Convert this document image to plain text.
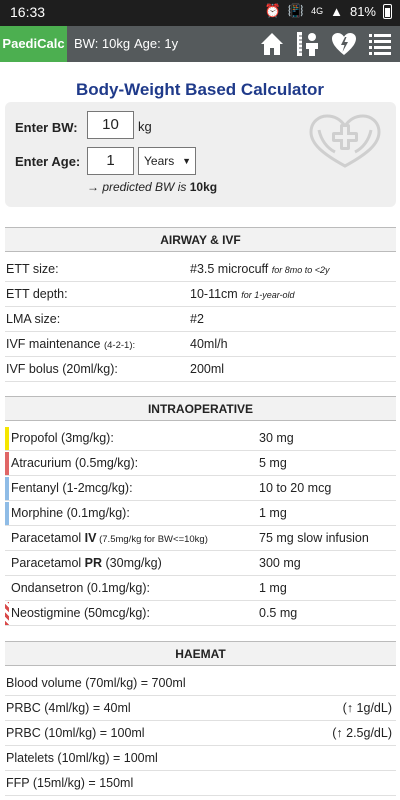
16:33	⏰ 📳 4G ▲ 81%
PaediCalc BW: 10kg Age: 1y
Body-Weight Based Calculator
Enter BW:	10	kg
Enter Age:	1	Years ▼
→ predicted BW is 10kg
AIRWAY & IVF
ETT size:	#3.5 microcuff for 8mo to <2y
ETT depth:	10-11cm for 1-year-old
LMA size:	#2
IVF maintenance (4-2-1):	40ml/h
IVF bolus (20ml/kg):	200ml
INTRAOPERATIVE
Propofol (3mg/kg):	30 mg
Atracurium (0.5mg/kg):	5 mg
Fentanyl (1-2mcg/kg):	10 to 20 mcg
Morphine (0.1mg/kg):	1 mg
Paracetamol IV (7.5mg/kg for BW<=10kg)	75 mg slow infusion
Paracetamol PR (30mg/kg)	300 mg
Ondansetron (0.1mg/kg):	1 mg
Neostigmine (50mcg/kg):	0.5 mg
HAEMAT
Blood volume (70ml/kg) = 700ml
PRBC (4ml/kg) = 40ml	(↑ 1g/dL)
PRBC (10ml/kg) = 100ml	(↑ 2.5g/dL)
Platelets (10ml/kg) = 100ml
FFP (15ml/kg) = 150ml
